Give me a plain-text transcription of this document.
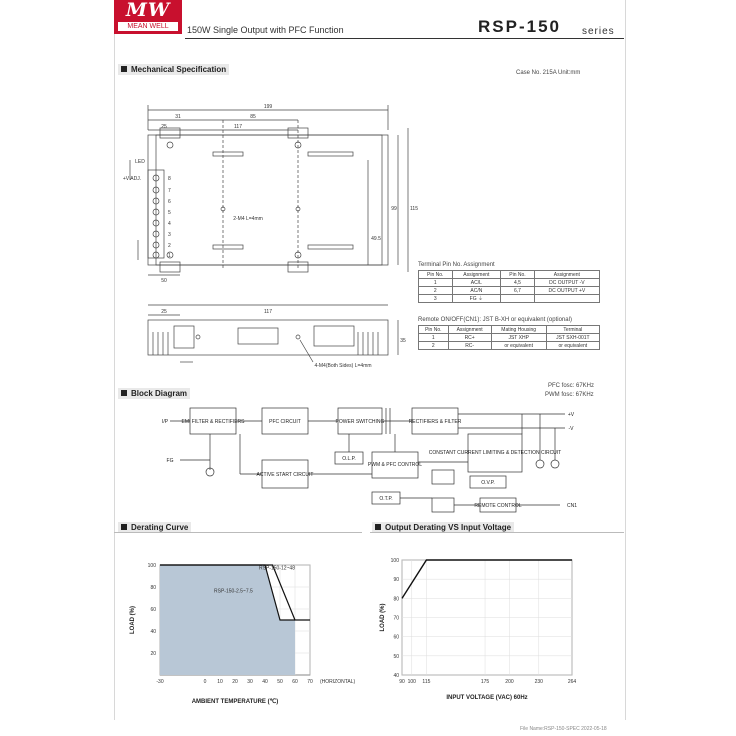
MW
MEAN WELL	150W Single Output with PFC Function	RSP-150 series
Mechanical Specification	Case No. 215A Unit:mm
199
31	85
117
25
99	115
49.5
50
2-M4 L=4mm
LED
+V ADJ.
117
25
35
4-M4(Both Sides) L=4mm
8
7
6
5
4
3
2
1
Terminal Pin No. Assignment
Pin No.	Assignment	Pin No.	Assignment
1	AC/L	4,5	DC OUTPUT -V
2	AC/N	6,7	DC OUTPUT +V
3	FG ⏚		
Remote ON/OFF(CN1): JST B-XH or equivalent (optional)
Pin No.	Assignment	Mating Housing	Terminal
1	RC+	JST XHP	JST SXH-001T
2	RC-	or equivalent	or equivalent
Block Diagram
PFC fosc: 67KHz
PWM fosc: 67KHz
I/P
FG
EMI FILTER & RECTIFIERS	PFC CIRCUIT	POWER SWITCHING	RECTIFIERS & FILTER
ACTIVE START CIRCUIT
O.L.P.
PWM & PFC CONTROL
CONSTANT CURRENT LIMITING & DETECTION CIRCUIT
O.V.P.
O.T.P.
REMOTE CONTROL	CN1
+V
-V
Derating Curve
-30	0 10 20 30 40 50 60 70 (HORIZONTAL)
20
40
60
80
100
AMBIENT TEMPERATURE (℃)
LOAD (%)
RSP-150-12~48
RSP-150-2.5~7.5
Output Derating VS Input Voltage
90 100 115	175	200	230	264
40
50
60
70
80
90
100
INPUT VOLTAGE (VAC) 60Hz
LOAD (%)
File Name:RSP-150-SPEC 2022-05-18
